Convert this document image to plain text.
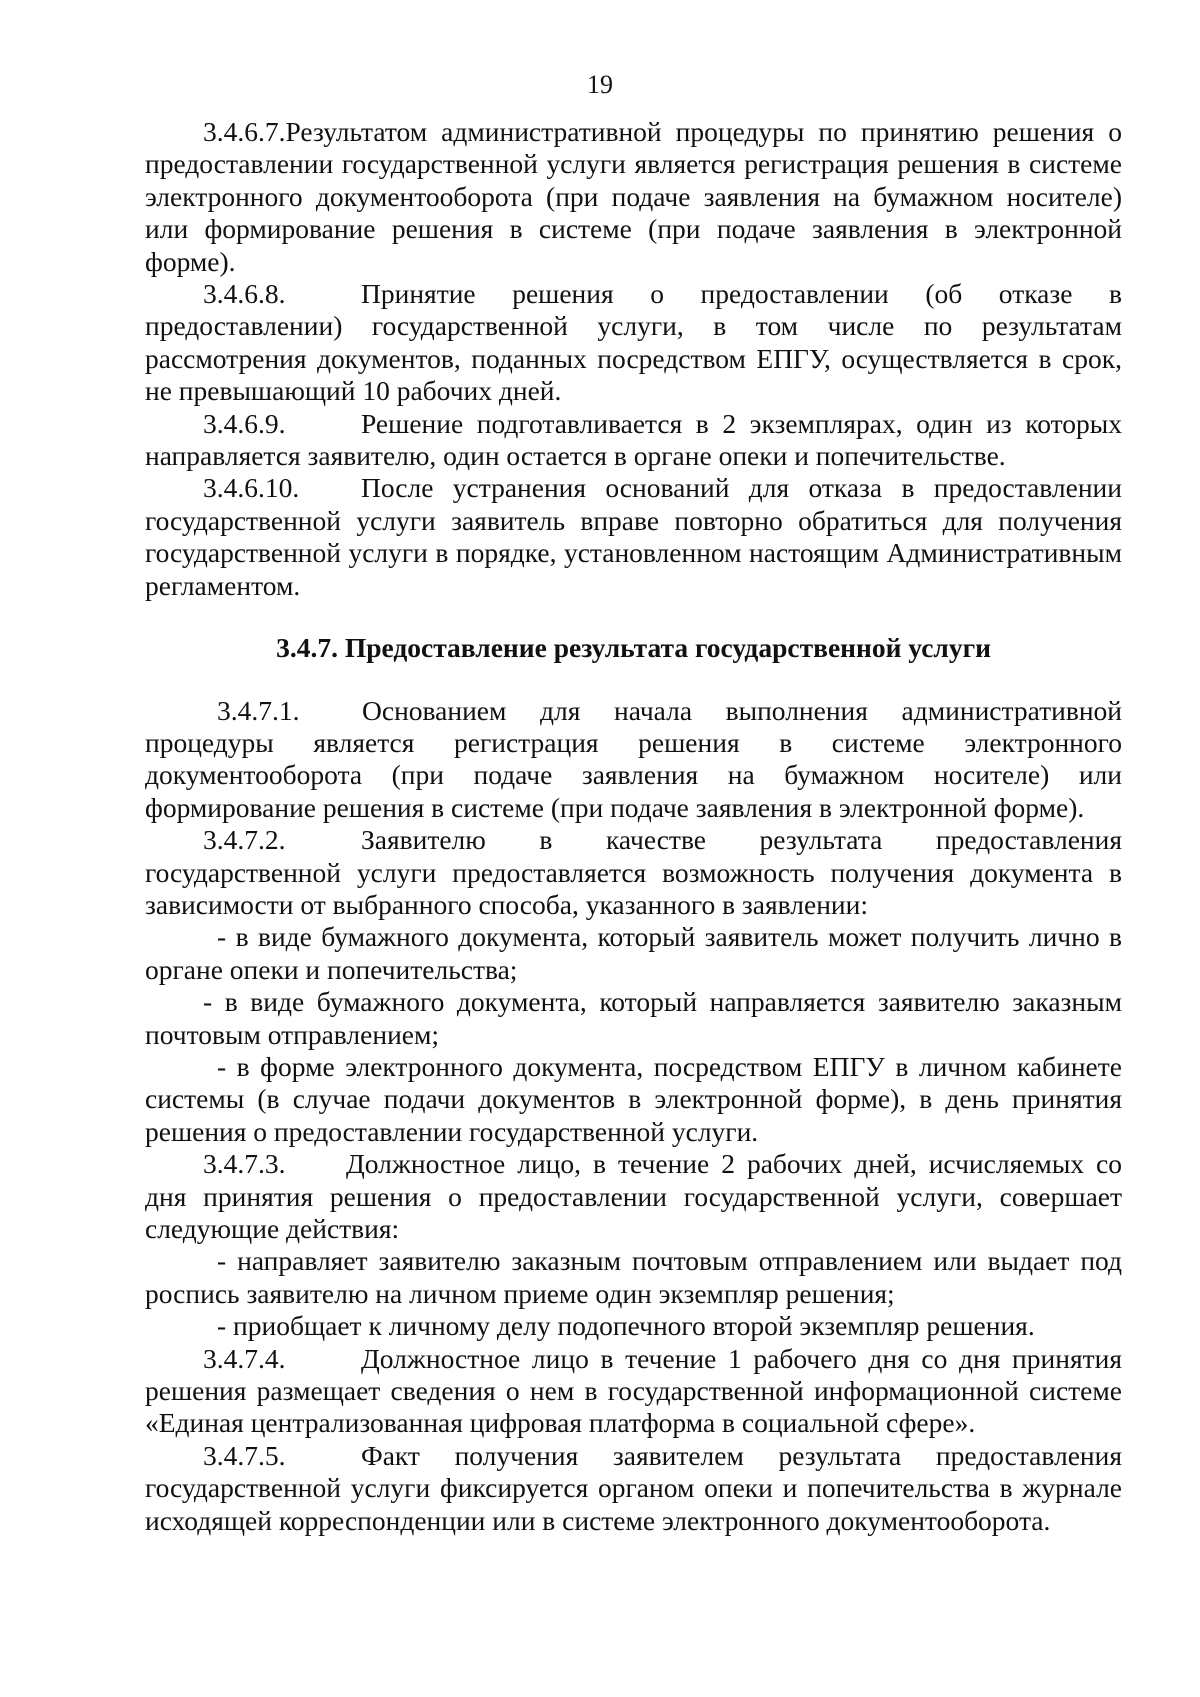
19

3.4.6.7.Результатом административной процедуры по принятию решения о предоставлении государственной услуги является регистрация решения в системе электронного документооборота (при подаче заявления на бумажном носителе) или формирование решения в системе (при подаче заявления в электронной форме).

3.4.6.8.	Принятие решения о предоставлении (об отказе в предоставлении) государственной услуги, в том числе по результатам рассмотрения документов, поданных посредством ЕПГУ, осуществляется в срок, не превышающий 10 рабочих дней.

3.4.6.9.	Решение подготавливается в 2 экземплярах, один из которых направляется заявителю, один остается в органе опеки и попечительстве.

3.4.6.10. После устранения оснований для отказа в предоставлении государственной услуги заявитель вправе повторно обратиться для получения государственной услуги в порядке, установленном настоящим Административным регламентом.

3.4.7. Предоставление результата государственной услуги

3.4.7.1. Основанием для начала выполнения административной процедуры является регистрация решения в системе электронного документооборота (при подаче заявления на бумажном носителе) или формирование решения в системе (при подаче заявления в электронной форме).

3.4.7.2.	Заявителю в качестве результата предоставления государственной услуги предоставляется возможность получения документа в зависимости от выбранного способа, указанного в заявлении:

- в виде бумажного документа, который заявитель может получить лично в органе опеки и попечительства;

- в виде бумажного документа, который направляется заявителю заказным почтовым отправлением;

- в форме электронного документа, посредством ЕПГУ в личном кабинете системы (в случае подачи документов в электронной форме), в день принятия решения о предоставлении государственной услуги.

3.4.7.3. Должностное лицо, в течение 2 рабочих дней, исчисляемых со дня принятия решения о предоставлении государственной услуги, совершает следующие действия:

- направляет заявителю заказным почтовым отправлением или выдает под роспись заявителю на личном приеме один экземпляр решения;

- приобщает к личному делу подопечного второй экземпляр решения.

3.4.7.4.	Должностное лицо в течение 1 рабочего дня со дня принятия решения размещает сведения о нем в государственной информационной системе «Единая централизованная цифровая платформа в социальной сфере».

3.4.7.5.	Факт получения заявителем результата предоставления государственной услуги фиксируется органом опеки и попечительства в журнале исходящей корреспонденции или в системе электронного документооборота.
